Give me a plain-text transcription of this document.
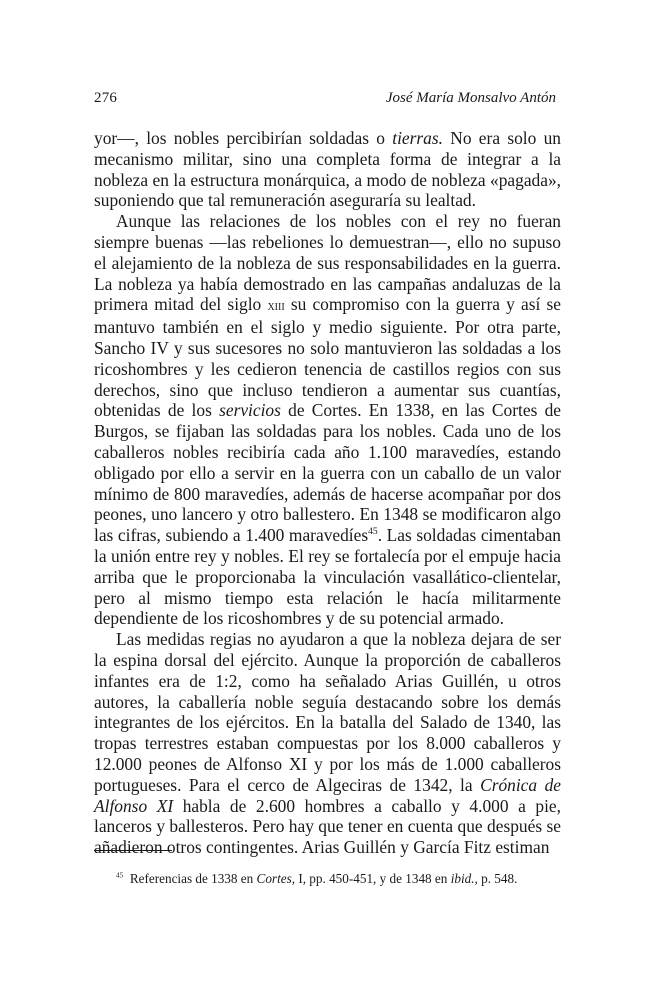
276	José María Monsalvo Antón

yor—, los nobles percibirían soldadas o tierras. No era solo un mecanismo militar, sino una completa forma de integrar a la nobleza en la estructura monárquica, a modo de nobleza «pagada», suponiendo que tal remuneración aseguraría su lealtad.

Aunque las relaciones de los nobles con el rey no fueran siempre buenas —las rebeliones lo demuestran—, ello no supuso el alejamiento de la nobleza de sus responsabilidades en la guerra. La nobleza ya había demostrado en las campañas andaluzas de la primera mitad del siglo xiii su compromiso con la guerra y así se mantuvo también en el siglo y medio siguiente. Por otra parte, Sancho IV y sus sucesores no solo mantuvieron las soldadas a los ricoshombres y les cedieron tenencia de castillos regios con sus derechos, sino que incluso tendieron a aumentar sus cuantías, obtenidas de los servicios de Cortes. En 1338, en las Cortes de Burgos, se fijaban las soldadas para los nobles. Cada uno de los caballeros nobles recibiría cada año 1.100 maravedíes, estando obligado por ello a servir en la guerra con un caballo de un valor mínimo de 800 maravedíes, además de hacerse acompañar por dos peones, uno lancero y otro ballestero. En 1348 se modificaron algo las cifras, subiendo a 1.400 maravedíes$^{45}$. Las soldadas cimentaban la unión entre rey y nobles. El rey se fortalecía por el empuje hacia arriba que le proporcionaba la vinculación vasallático-clientelar, pero al mismo tiempo esta relación le hacía militarmente dependiente de los ricoshombres y de su potencial armado.

Las medidas regias no ayudaron a que la nobleza dejara de ser la espina dorsal del ejército. Aunque la proporción de caballeros infantes era de 1:2, como ha señalado Arias Guillén, u otros autores, la caballería noble seguía destacando sobre los demás integrantes de los ejércitos. En la batalla del Salado de 1340, las tropas terrestres estaban compuestas por los 8.000 caballeros y 12.000 peones de Alfonso XI y por los más de 1.000 caballeros portugueses. Para el cerco de Algeciras de 1342, la Crónica de Alfonso XI habla de 2.600 hombres a caballo y 4.000 a pie, lanceros y ballesteros. Pero hay que tener en cuenta que después se añadieron otros contingentes. Arias Guillén y García Fitz estiman

$^{45}$ Referencias de 1338 en Cortes, I, pp. 450-451, y de 1348 en ibid., p. 548.
